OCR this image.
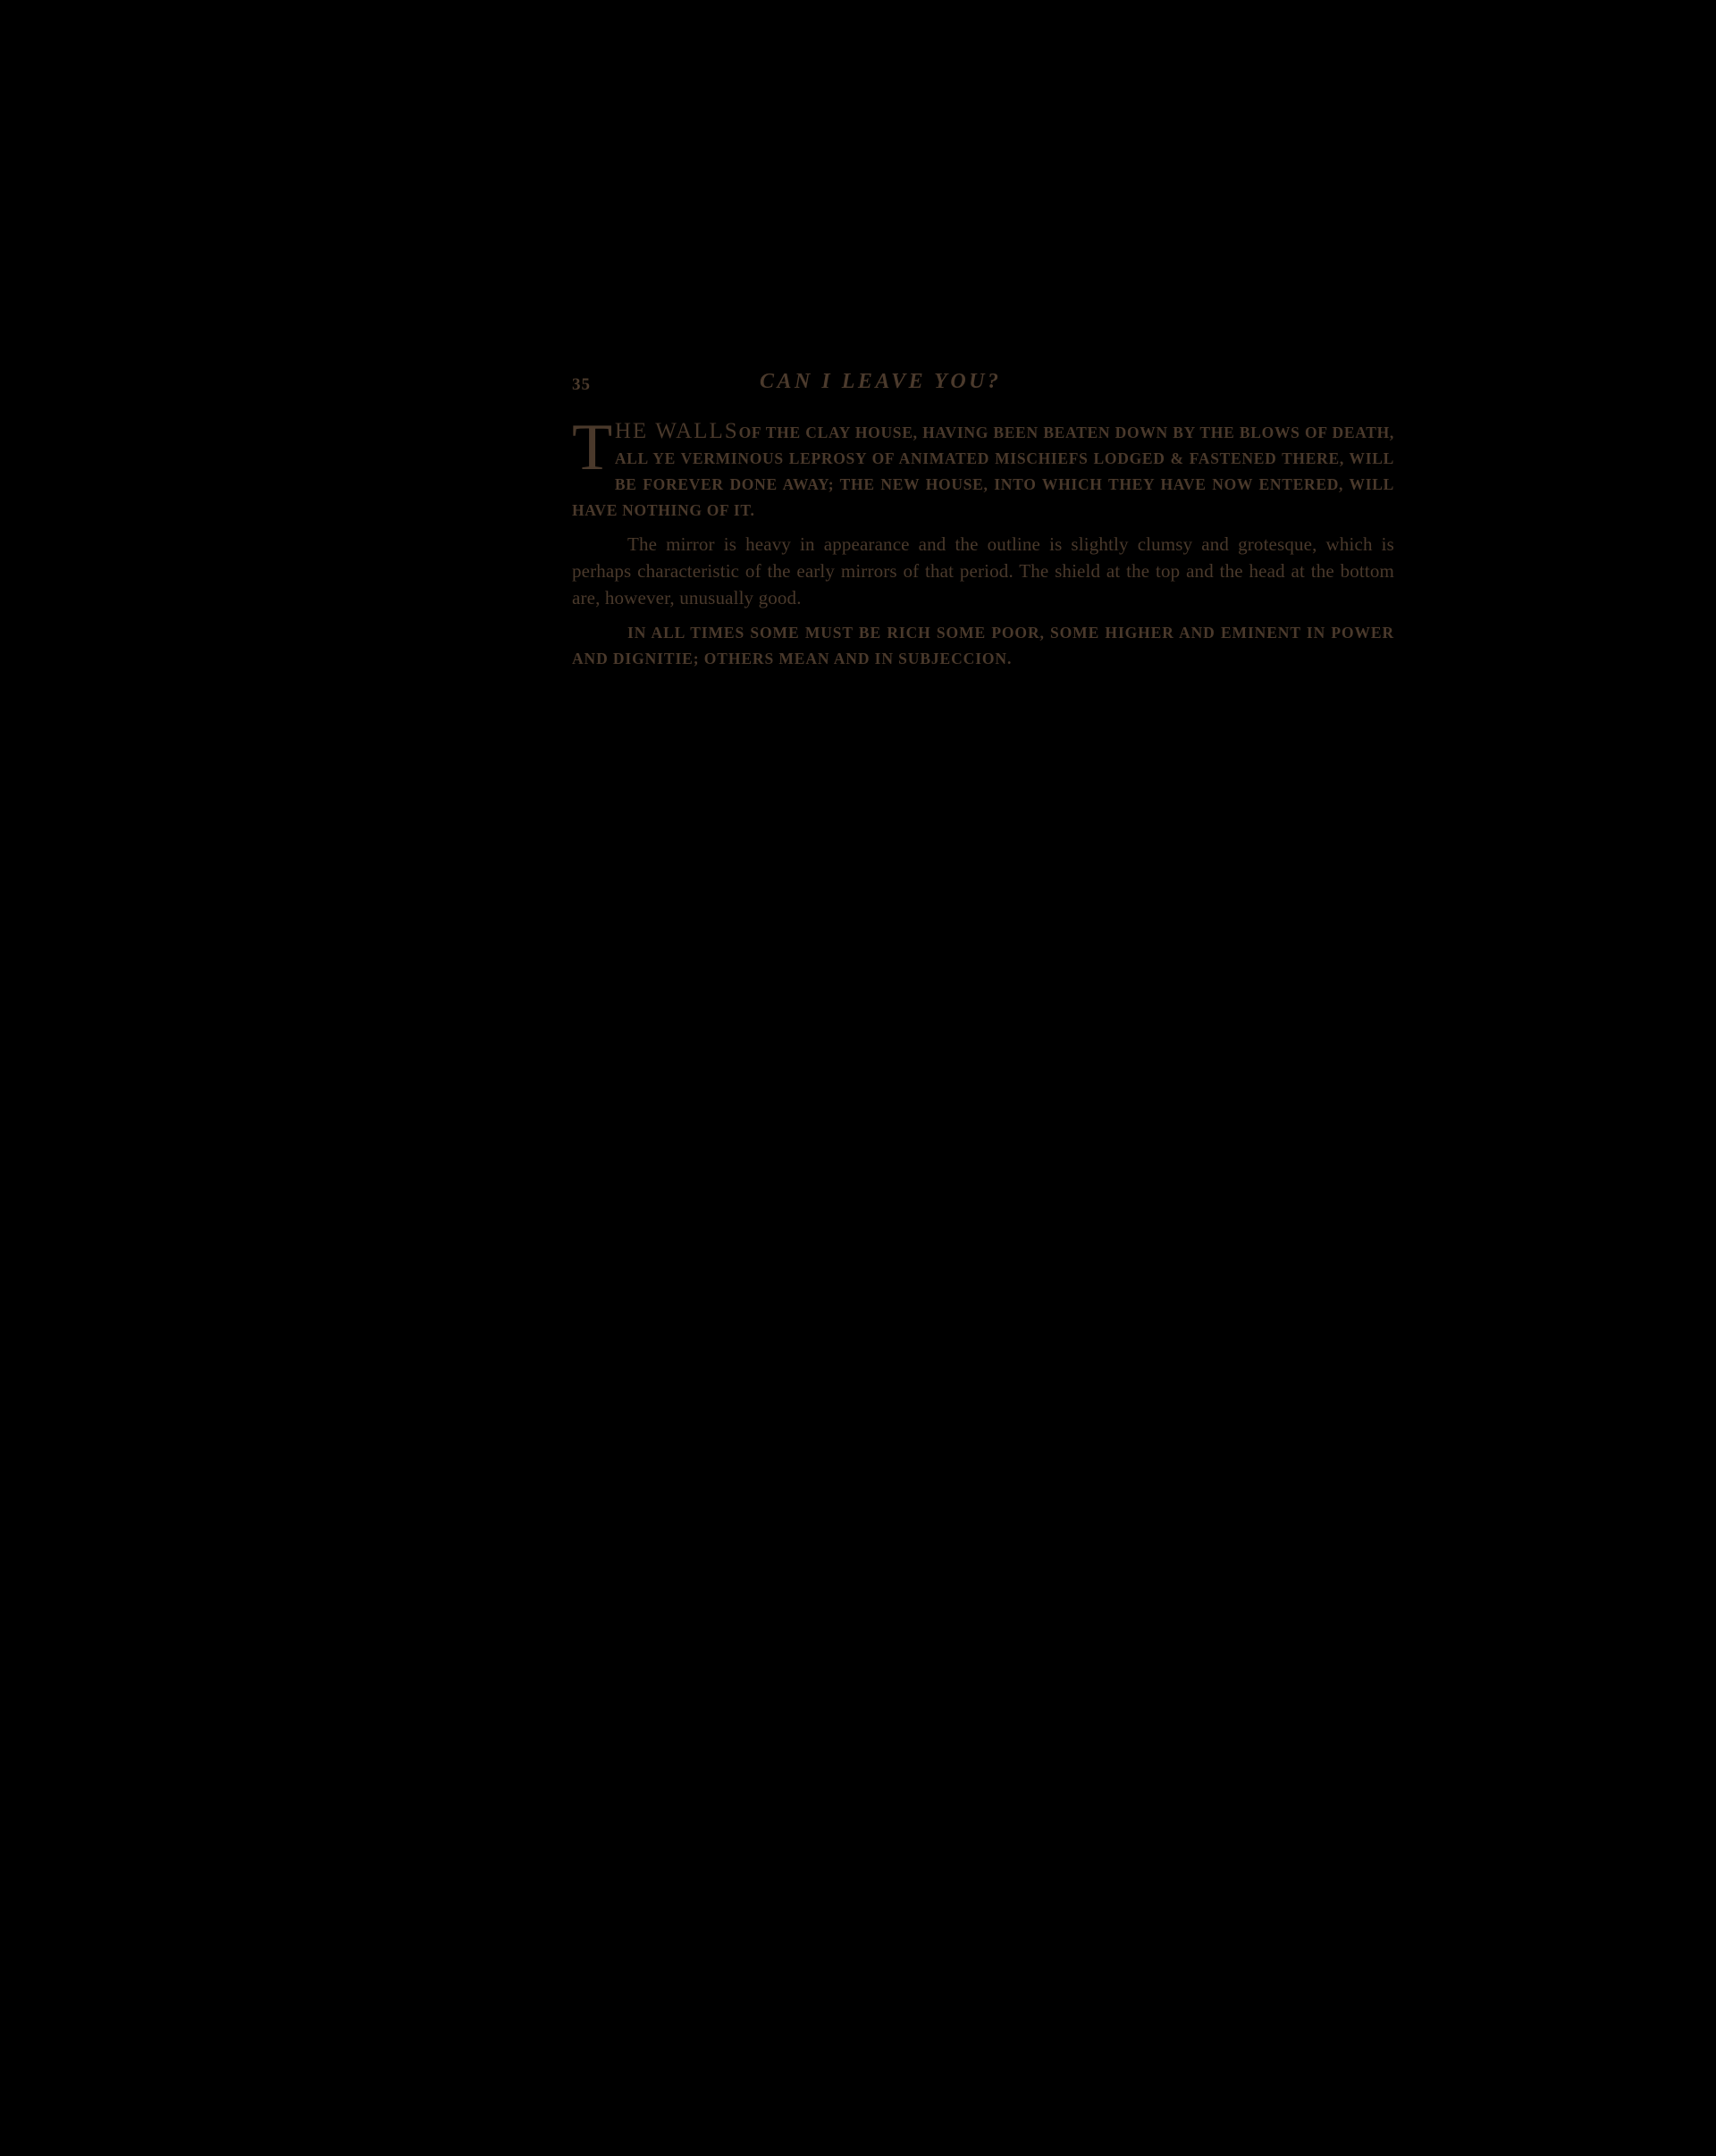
35	CAN I LEAVE YOU?
THE WALLSOF THE CLAY HOUSE, HAVING BEEN BEATEN DOWN BY THE BLOWS OF DEATH, ALL YE VERMINOUS LEPROSY OF ANIMATED MISCHIEFS LODGED & FASTENED THERE, WILL BE FOREVER DONE AWAY; THE NEW HOUSE, INTO WHICH THEY HAVE NOW ENTERED, WILL HAVE NOTHING OF IT.
The mirror is heavy in appearance and the outline is slightly clumsy and grotesque, which is perhaps characteristic of the early mirrors of that period. The shield at the top and the head at the bottom are, however, unusually good.
IN ALL TIMES SOME MUST BE RICH SOME POOR, SOME HIGHER AND EMINENT IN POWER AND DIGNITIE; OTHERS MEAN AND IN SUBJECCION.
